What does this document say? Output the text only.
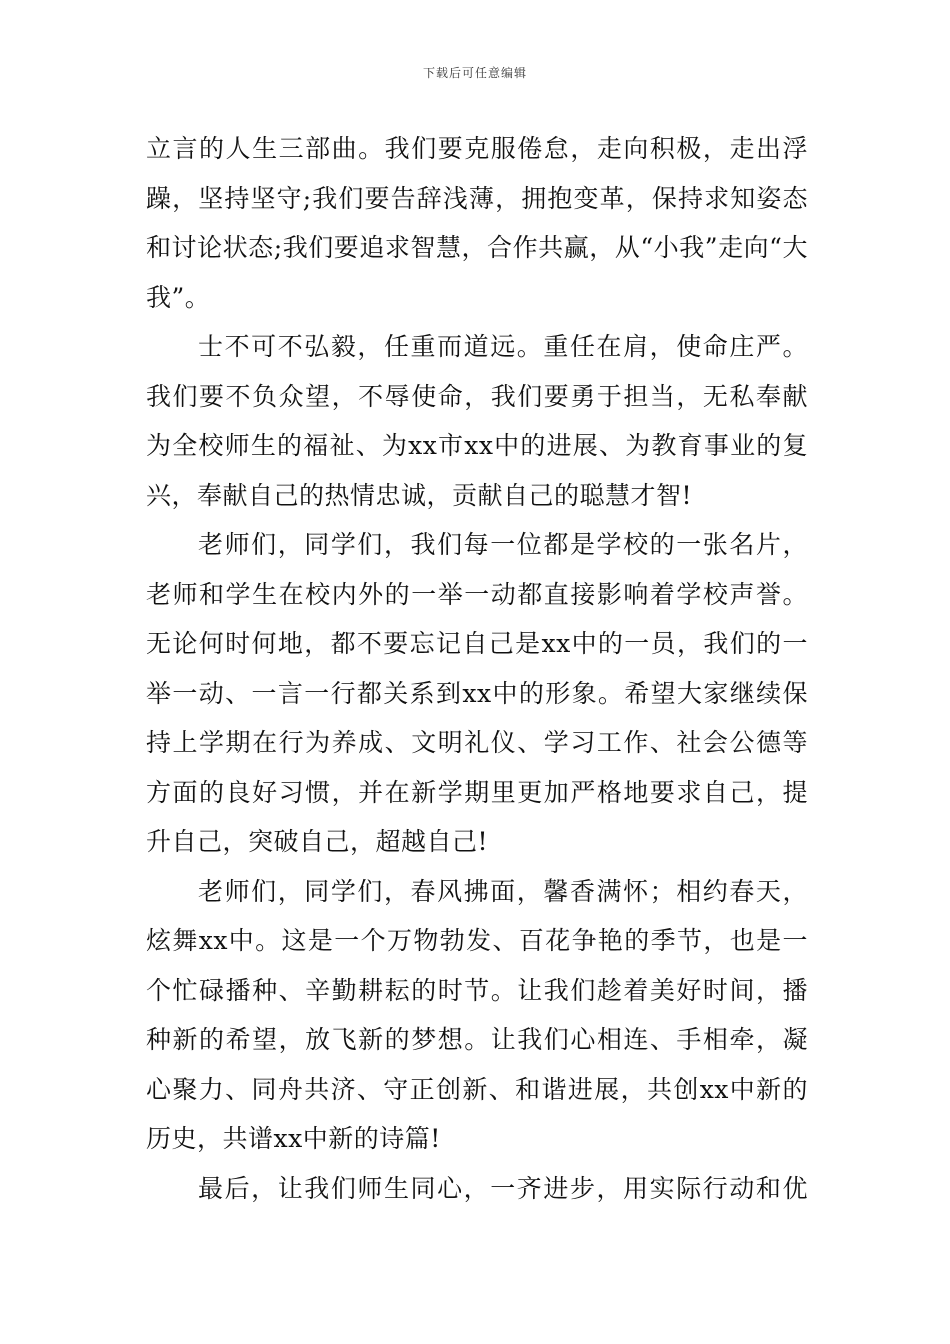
下载后可任意编辑

立言的人生三部曲。我们要克服倦怠，走向积极，走出浮躁，坚持坚守;我们要告辞浅薄，拥抱变革，保持求知姿态和讨论状态;我们要追求智慧，合作共赢，从“小我”走向“大我”。

士不可不弘毅，任重而道远。重任在肩，使命庄严。我们要不负众望，不辱使命，我们要勇于担当，无私奉献为全校师生的福祉、为xx市xx中的进展、为教育事业的复兴，奉献自己的热情忠诚，贡献自己的聪慧才智!

老师们，同学们，我们每一位都是学校的一张名片，老师和学生在校内外的一举一动都直接影响着学校声誉。无论何时何地，都不要忘记自己是xx中的一员，我们的一举一动、一言一行都关系到xx中的形象。希望大家继续保持上学期在行为养成、文明礼仪、学习工作、社会公德等方面的良好习惯，并在新学期里更加严格地要求自己，提升自己，突破自己，超越自己!

老师们，同学们，春风拂面，馨香满怀；相约春天，炫舞xx中。这是一个万物勃发、百花争艳的季节，也是一个忙碌播种、辛勤耕耘的时节。让我们趁着美好时间，播种新的希望，放飞新的梦想。让我们心相连、手相牵，凝心聚力、同舟共济、守正创新、和谐进展，共创xx中新的历史，共谱xx中新的诗篇!

最后，让我们师生同心，一齐进步，用实际行动和优
